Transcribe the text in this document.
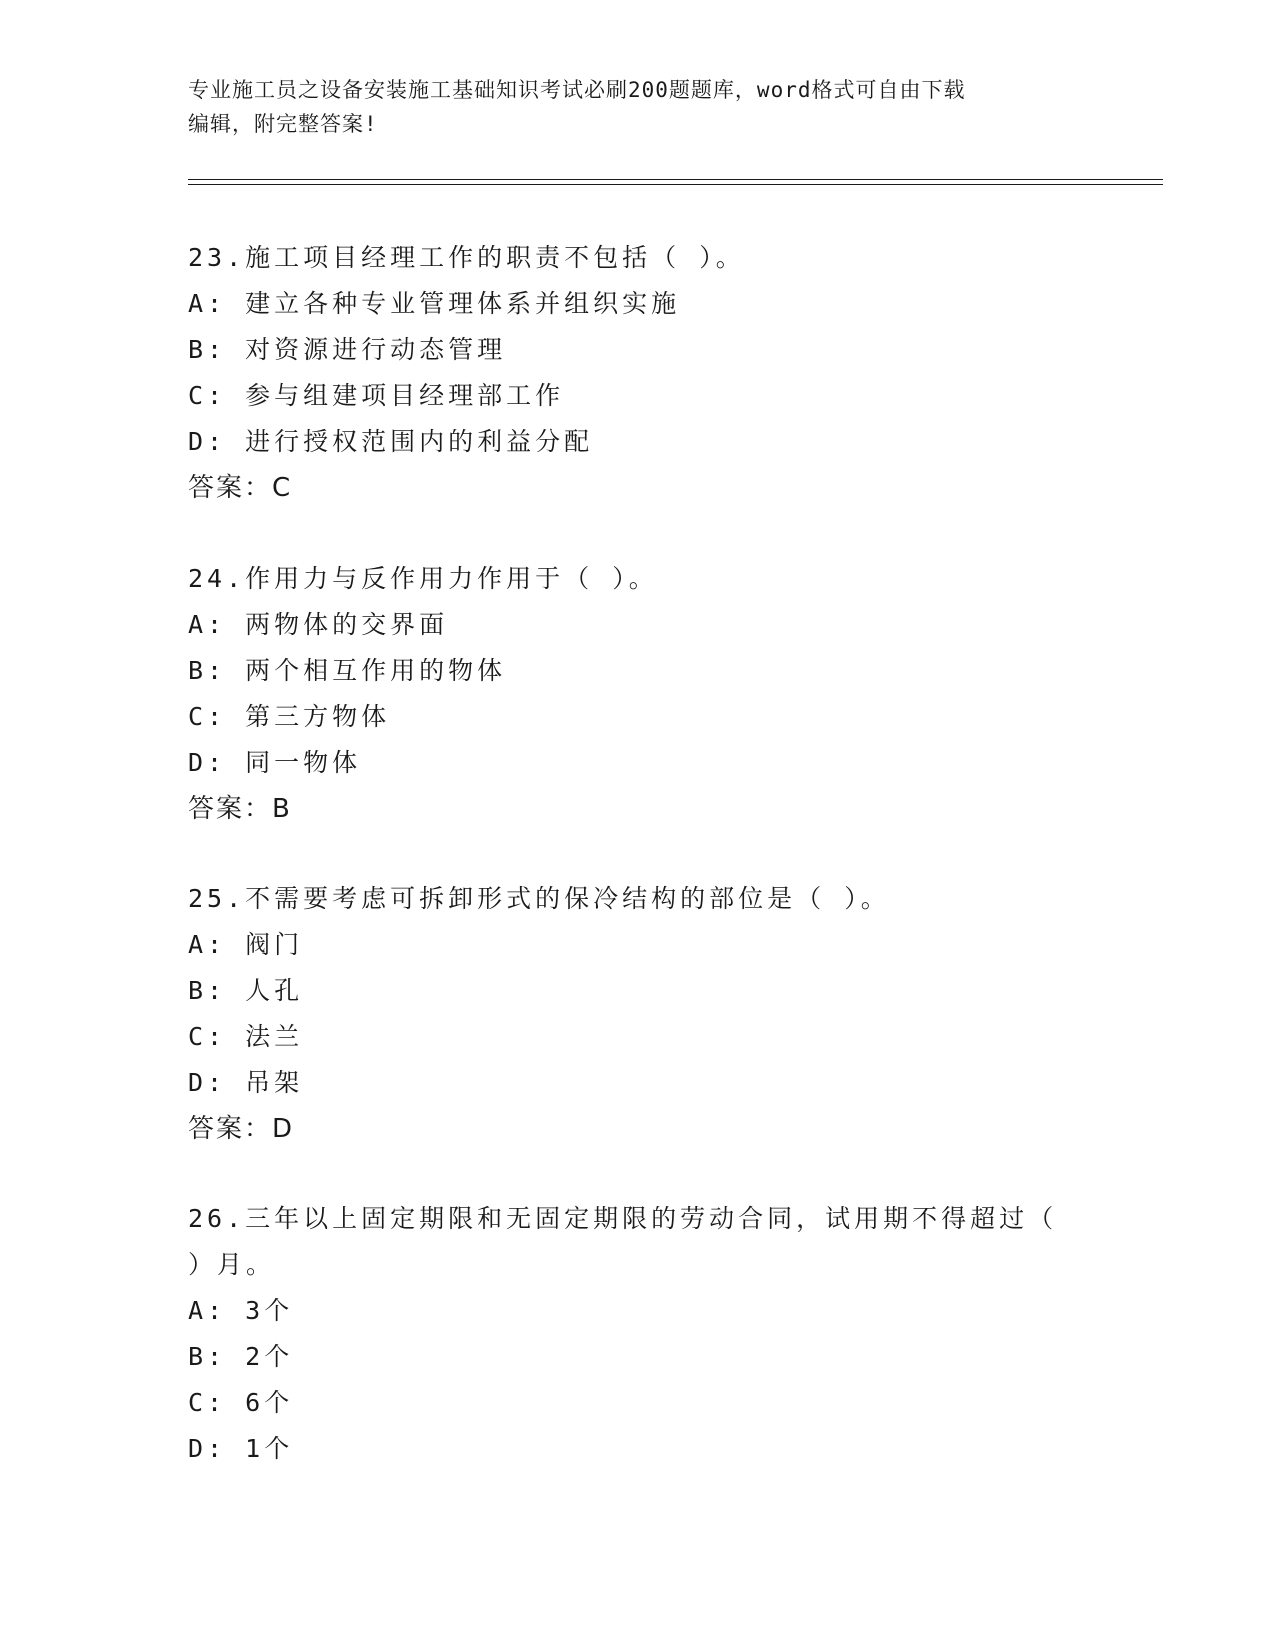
专业施工员之设备安装施工基础知识考试必刷200题题库，word格式可自由下载
编辑，附完整答案!
23.施工项目经理工作的职责不包括（ ）。
A: 建立各种专业管理体系并组织实施
B: 对资源进行动态管理
C: 参与组建项目经理部工作
D: 进行授权范围内的利益分配
答案：C
24.作用力与反作用力作用于（ ）。
A: 两物体的交界面
B: 两个相互作用的物体
C: 第三方物体
D: 同一物体
答案：B
25.不需要考虑可拆卸形式的保冷结构的部位是（ ）。
A: 阀门
B: 人孔
C: 法兰
D: 吊架
答案：D
26.三年以上固定期限和无固定期限的劳动合同，试用期不得超过（
）月。
A: 3个
B: 2个
C: 6个
D: 1个
